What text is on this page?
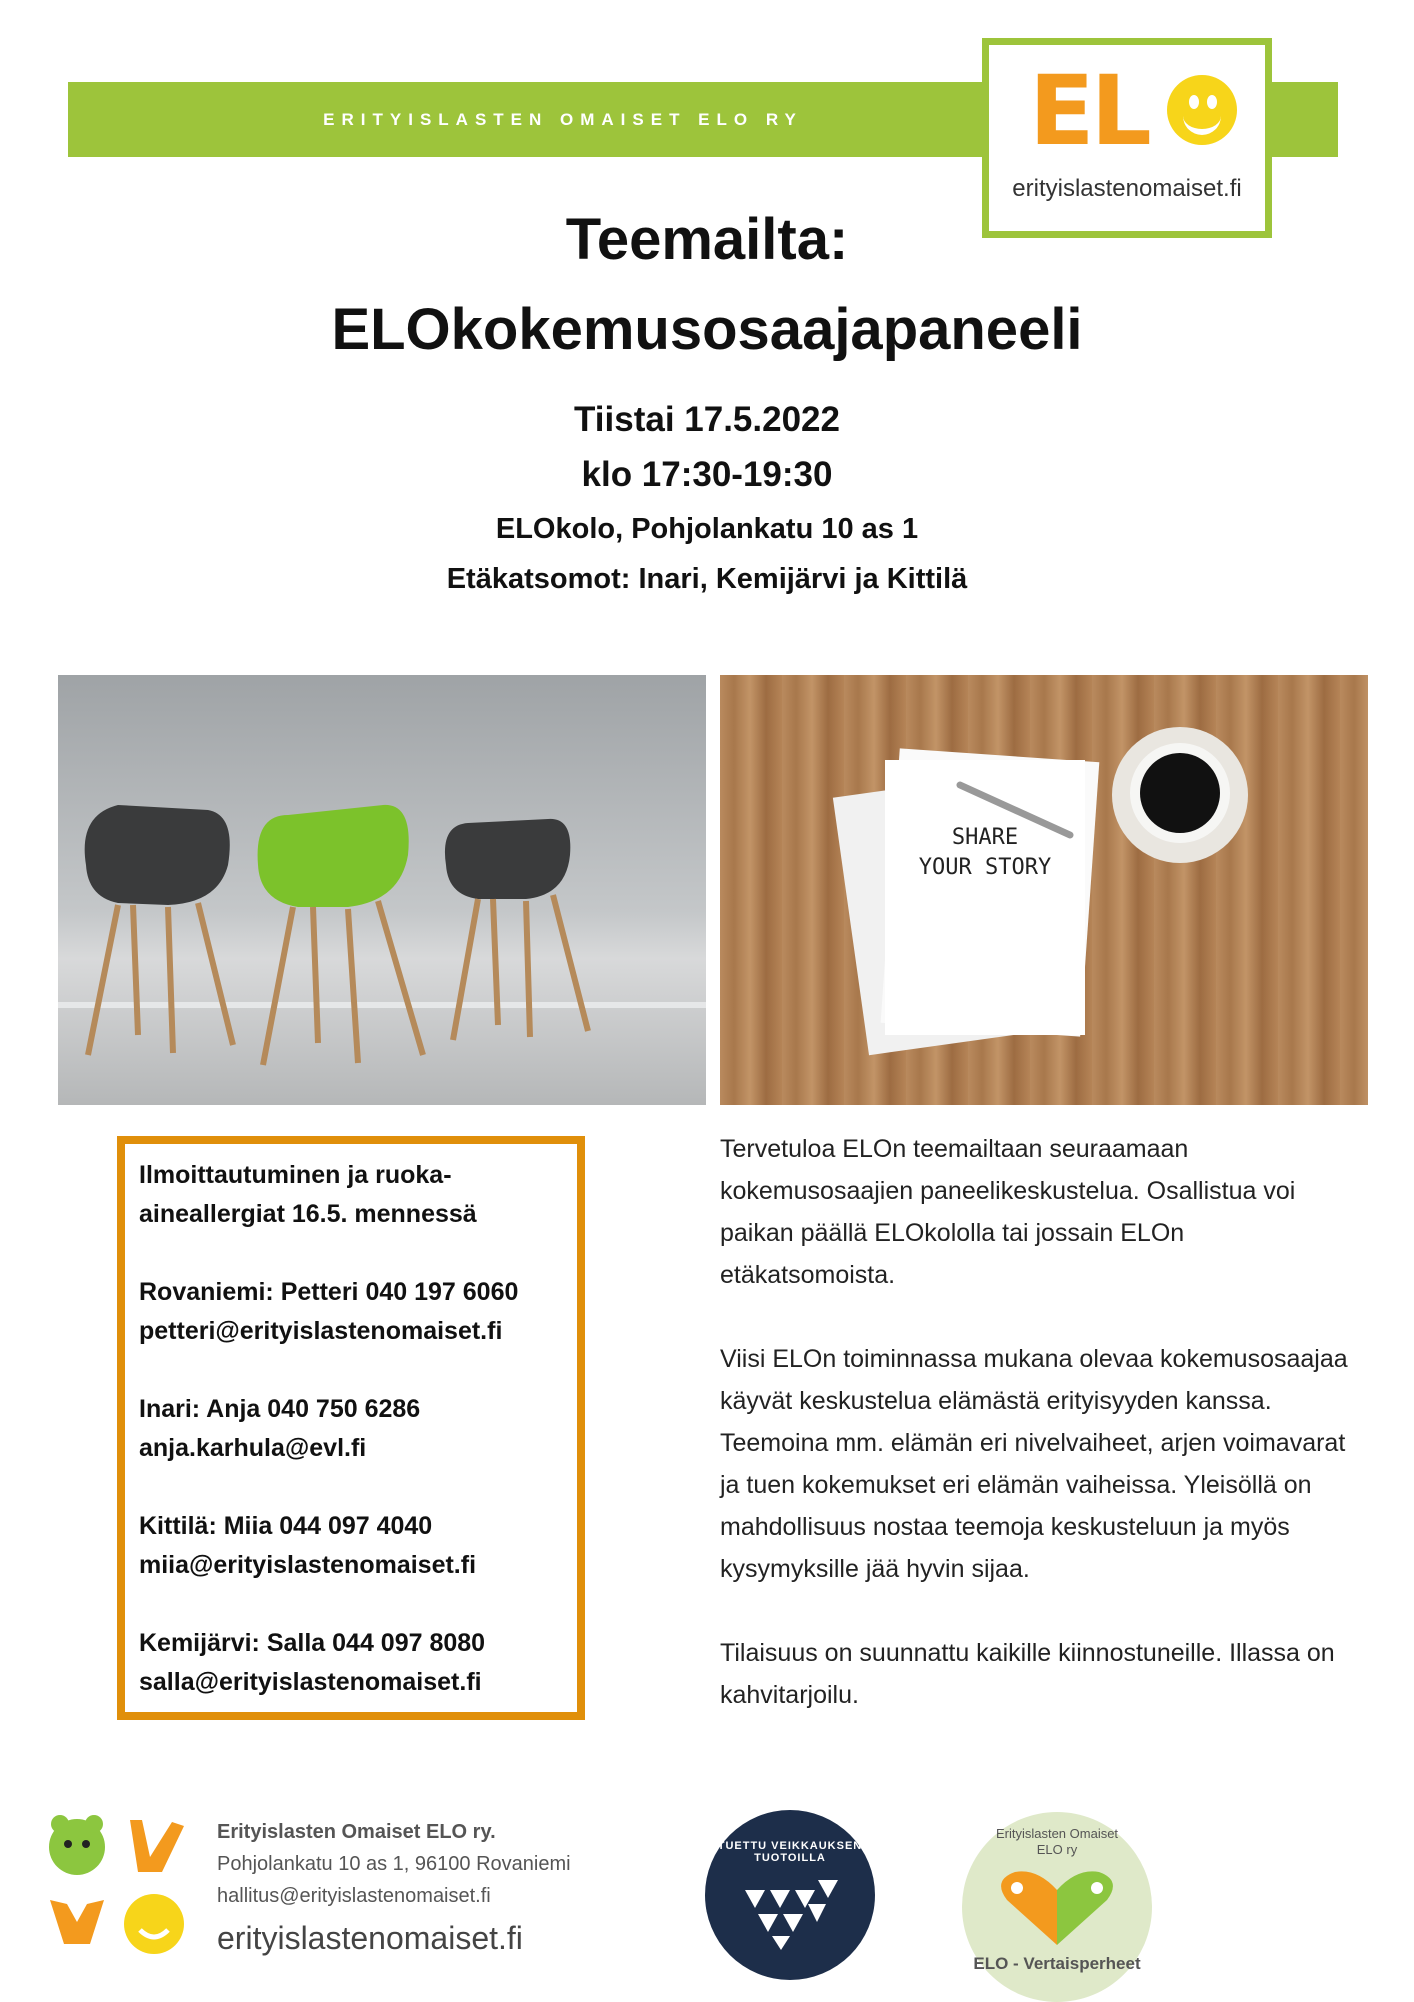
ERITYISLASTEN OMAISET ELO RY	EL
erityislastenomaiset.fi
Teemailta:
ELOkokemusosaajapaneeli
Tiistai 17.5.2022
klo 17:30-19:30
ELOkolo, Pohjolankatu 10 as 1
Etäkatsomot: Inari, Kemijärvi ja Kittilä
SHARE
YOUR STORY

Ilmoittautuminen ja ruoka-

aineallergiat 16.5. mennessä

Rovaniemi: Petteri 040 197 6060

petteri@erityislastenomaiset.fi

Inari: Anja 040 750 6286

anja.karhula@evl.fi

Kittilä: Miia 044 097 4040

miia@erityislastenomaiset.fi

Kemijärvi: Salla 044 097 8080

salla@erityislastenomaiset.fi

Tervetuloa ELOn teemailtaan seuraamaan kokemusosaajien paneelikeskustelua. Osallistua voi paikan päällä ELOkololla tai jossain ELOn etäkatsomoista.

Viisi ELOn toiminnassa mukana olevaa kokemusosaajaa käyvät keskustelua elämästä erityisyyden kanssa. Teemoina mm. elämän eri nivelvaiheet, arjen voimavarat ja tuen kokemukset eri elämän vaiheissa. Yleisöllä on mahdollisuus nostaa teemoja keskusteluun ja myös kysymyksille jää hyvin sijaa.

Tilaisuus on suunnattu kaikille kiinnostuneille. Illassa on kahvitarjoilu.

Erityislasten Omaiset ELO ry.
Pohjolankatu 10 as 1, 96100 Rovaniemi
hallitus@erityislastenomaiset.fi
erityislastenomaiset.fi
TUETTU VEIKKAUKSEN TUOTOILLA
Erityislasten Omaiset
ELO ry
ELO - Vertaisperheet
